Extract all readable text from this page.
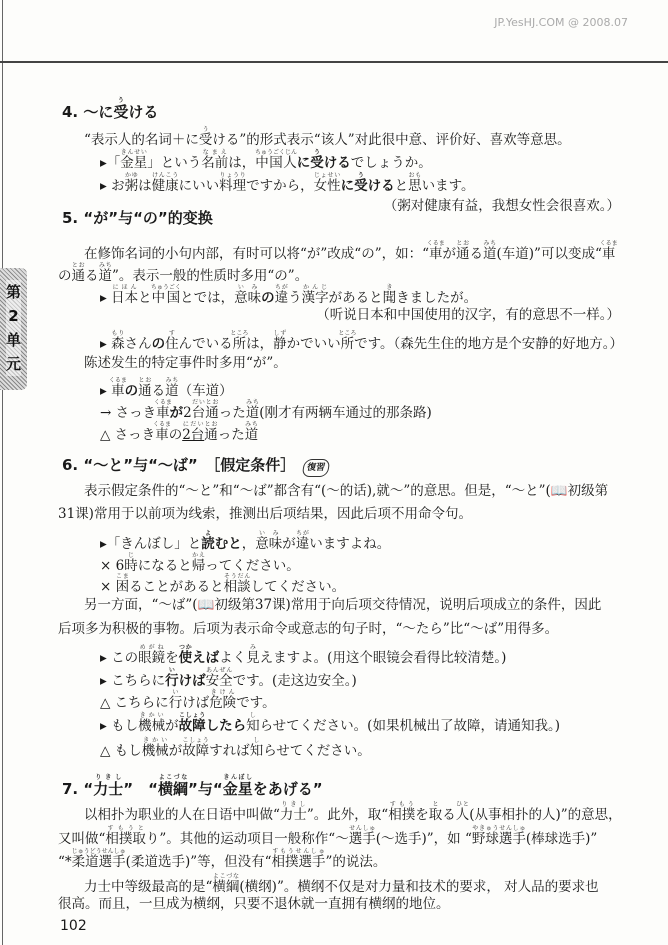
JP.YesHJ.COM @ 2008.07
第2单元
4. ～に受うける
“表示人的名词＋に受うける”的形式表示“该人”对此很中意、评价好、喜欢等意思。
▸「金星きんせい」という名前なまえは，中国人ちゅうごくじんに受うけるでしょうか。
▸ お粥かゆは健康けんこうにいい料理りょうりですから，女性じょせいに受うけると思おもいます。
（粥对健康有益，我想女性会很喜欢。）
5. “が”与“の”的变换
在修饰名词的小句内部，有时可以将“が”改成“の”，如：“車くるまが通とおる道みち(车道)”可以变成“車くるま
の通とおる道みち”。表示一般的性质时多用“の”。
▸ 日本にほんと中国ちゅうごくとでは，意味いみの違ちがう漢字かんじがあると聞ききましたが。
（听说日本和中国使用的汉字，有的意思不一样。）
▸ 森もりさんの住すんでいる所ところは，静しずかでいい所ところです。（森先生住的地方是个安静的好地方。）
陈述发生的特定事件时多用“が”。
▸ 車くるまの通とおる道みち（车道）
→ さっき車くるまが2台だい通とおった道みち(刚才有两辆车通过的那条路)
△ さっき車くるまの2台にだい通とおった道みち
6. “～と”与“～ば”　［假定条件］ 復習
表示假定条件的“～と”和“～ば”都含有“(～的话),就～”的意思。但是，“～と”(📖初级第
31课)常用于以前项为线索，推测出后项结果，因此后项不用命令句。
▸「きんぼし」と読よむと，意味いみが違ちがいますよね。
× 6時じになると帰かえってください。
× 困こまることがあると相談そうだんしてください。
另一方面，“～ば”(📖初级第37课)常用于向后项交待情况，说明后项成立的条件，因此
后项多为积极的事物。后项为表示命令或意志的句子时，“～たら”比“～ば”用得多。
▸ この眼鏡めがねを使つかえばよく見みえますよ。(用这个眼镜会看得比较清楚。)
▸ こちらに行いけば安全あんぜんです。(走这边安全。)
△ こちらに行いけば危険きけんです。
▸ もし機械きかいが故障こしょうしたら知しらせてください。(如果机械出了故障，请通知我。)
△ もし機械きかいが故障こしょうすれば知しらせてください。
7. “力士りきし”　“横綱よこづな”与“金星きんぼしをあげる”
以相扑为职业的人在日语中叫做“力士りきし”。此外，取“相撲すもうを取とる人ひと(从事相扑的人)”的意思，
又叫做“相撲取すもうとり”。其他的运动项目一般称作“～選手せんしゅ(～选手)”，如 “野球選手やきゅうせんしゅ(棒球选手)”
“*柔道選手じゅうどうせんしゅ(柔道选手)”等，但没有“相撲選手すもうせんしゅ”的说法。
力士中等级最高的是“横綱よこづな(横纲)”。横纲不仅是对力量和技术的要求， 对人品的要求也
很高。而且，一旦成为横纲，只要不退休就一直拥有横纲的地位。
102
